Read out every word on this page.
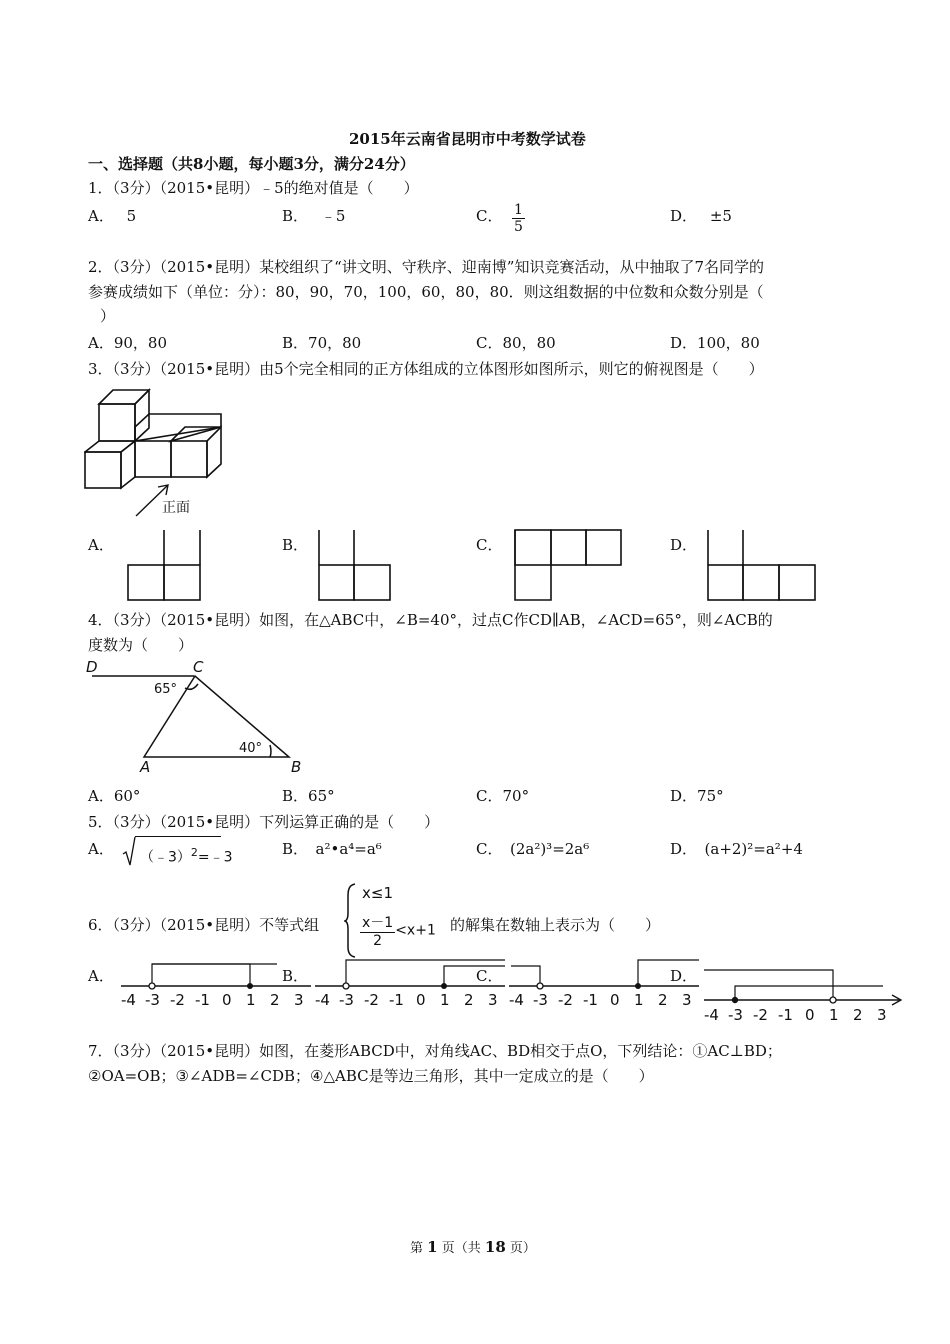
2015年云南省昆明市中考数学试卷
一、选择题（共8小题，每小题3分，满分24分）
1．（3分）（2015•昆明）﹣5的绝对值是（　　）
A． 5	B． ﹣5	C． $\frac{1}{5}$	D． ±5
2．（3分）（2015•昆明）某校组织了“讲文明、守秩序、迎南博”知识竞赛活动，从中抽取了7名同学的
参赛成绩如下（单位：分）：80，90，70，100，60，80，80．则这组数据的中位数和众数分别是（
）
A．90，80	B．70，80	C．80，80	D．100，80
3．（3分）（2015•昆明）由5个完全相同的正方体组成的立体图形如图所示，则它的俯视图是（　　）
正面
A．	B．	C．	D．
4．（3分）（2015•昆明）如图，在△ABC中，∠B=40°，过点C作CD∥AB，∠ACD=65°，则∠ACB的
度数为（　　）
D	C
A	B
65°
40°
A．60°	B．65°	C．70°	D．75°
5．（3分）（2015•昆明）下列运算正确的是（　　）
A． （﹣3）$^2$=﹣3	B．　a²•a⁴=a⁶	C．　(2a²)³=2a⁶	D．　(a+2)²=a²+4
6．（3分）（2015•昆明）不等式组
x≤1
$\frac{x-1}{2} <x+1$ 的解集在数轴上表示为（　　）
A．	B．	C．	D．
-4 -3 -2 -1 0 1 2 3 -4 -3 -2 -1 0 1 2 3 -4 -3 -2 -1 0 1 2 3
-4 -3 -2 -1 0 1 2 3
7．（3分）（2015•昆明）如图，在菱形ABCD中，对角线AC、BD相交于点O，下列结论：①AC⊥BD；
②OA=OB；③∠ADB=∠CDB；④△ABC是等边三角形，其中一定成立的是（　　）
第 1 页（共 18 页）
